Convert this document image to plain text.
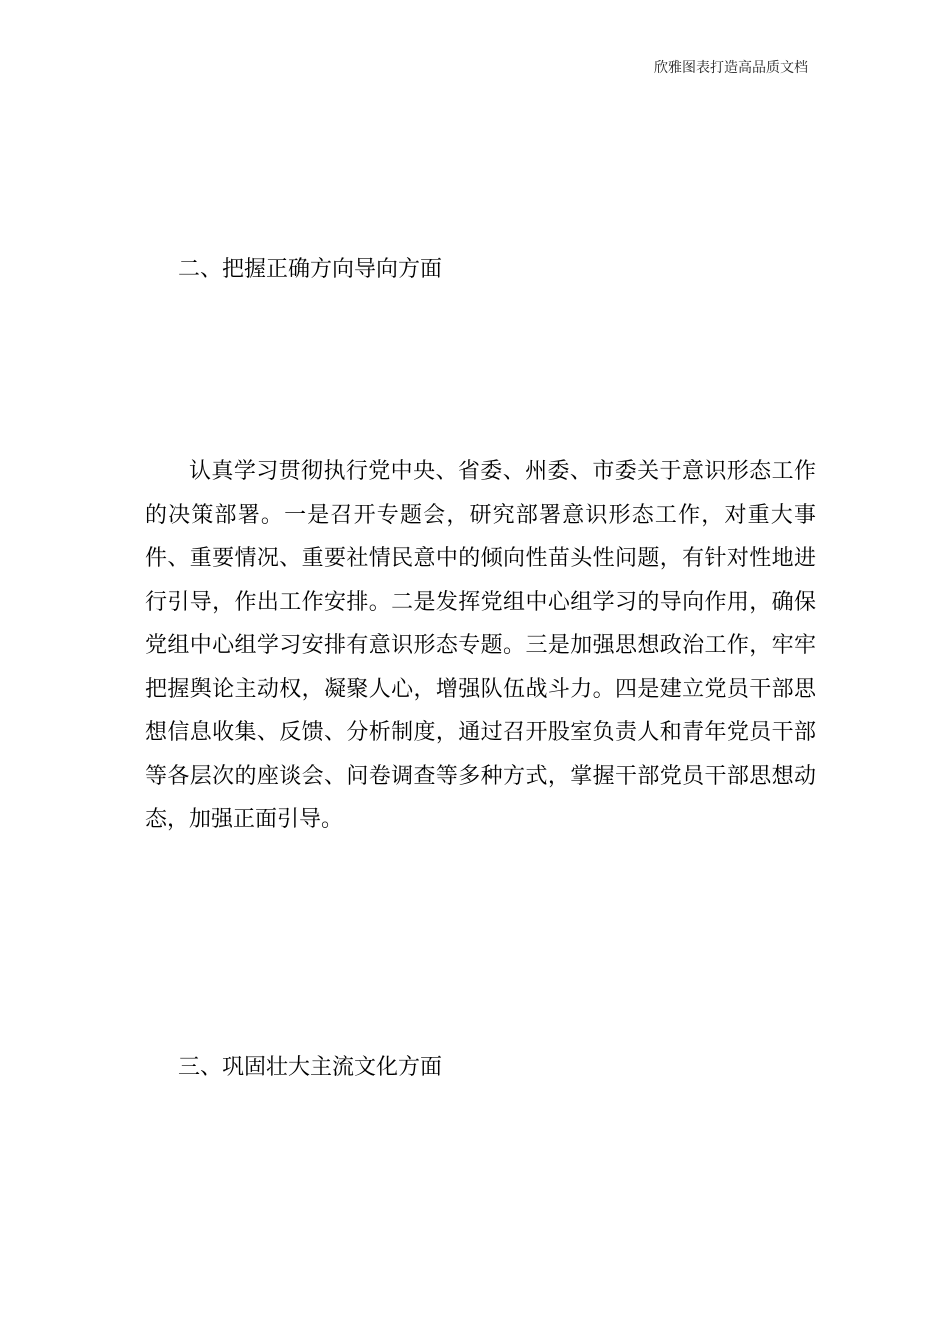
欣雅图表打造高品质文档
二、把握正确方向导向方面

认真学习贯彻执行党中央、省委、州委、市委关于意识形态工作的决策部署。一是召开专题会，研究部署意识形态工作，对重大事件、重要情况、重要社情民意中的倾向性苗头性问题，有针对性地进行引导，作出工作安排。二是发挥党组中心组学习的导向作用，确保党组中心组学习安排有意识形态专题。三是加强思想政治工作，牢牢把握舆论主动权，凝聚人心，增强队伍战斗力。四是建立党员干部思想信息收集、反馈、分析制度，通过召开股室负责人和青年党员干部等各层次的座谈会、问卷调查等多种方式，掌握干部党员干部思想动态，加强正面引导。

三、巩固壮大主流文化方面
